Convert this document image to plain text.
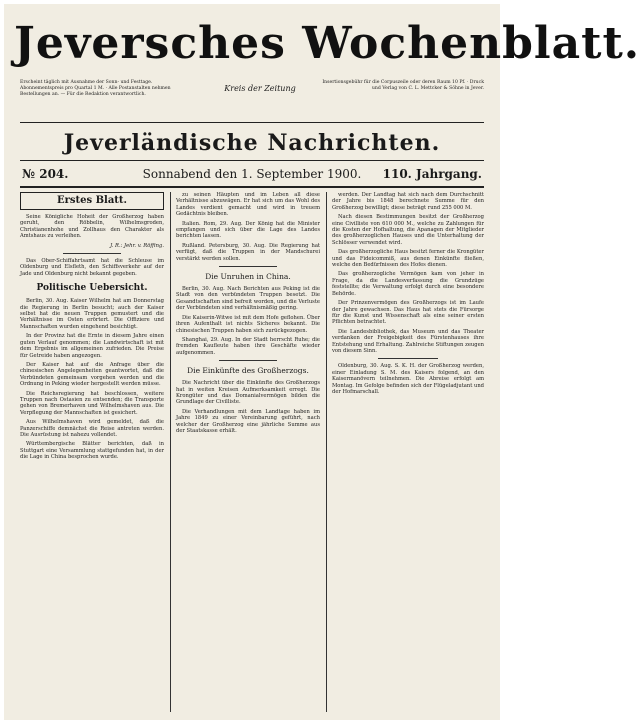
Jeversches Wochenblatt.
Erscheint täglich mit Ausnahme der Sonn- und Festtage. Abonnementspreis pro Quartal 1 M. · Alle Postanstalten nehmen Bestellungen an. — Für die Redaktion verantwortlich.
Kreis der Zeitung
Insertionsgebühr für die Corpuszeile oder deren Raum 10 Pf. · Druck und Verlag von C. L. Mettcker & Söhne in Jever.
Jeverländische Nachrichten.
№ 204.	Sonnabend den 1. September 1900.	110. Jahrgang.
Erstes Blatt.

Seine Königliche Hoheit der Großherzog haben geruht, den Röbbelin, Wilhelmsgroden, Christianenhohe und Zollhaus den Charakter als Amtshaus zu verleihen.

J. R.: Jehr. v. Röffing.

Das Ober-Schiffahrtsamt hat die Schleuse im Oldenburg und Elsfleth, den Schiffsverkehr auf der Jade und Oldenburg nicht bekannt gegeben.

Politische Uebersicht.

Berlin, 30. Aug. Kaiser Wilhelm hat am Donnerstag die Regierung in Berlin besucht; auch der Kaiser selbst hat die neuen Truppen gemustert und die Verhältnisse im Osten erörtert. Die Offiziere und Mannschaften wurden eingehend besichtigt.

In der Provinz hat die Ernte in diesem Jahre einen guten Verlauf genommen; die Landwirtschaft ist mit dem Ergebnis im allgemeinen zufrieden. Die Preise für Getreide haben angezogen.

Der Kaiser hat auf die Anfrage über die chinesischen Angelegenheiten geantwortet, daß die Verbündeten gemeinsam vorgehen werden und die Ordnung in Peking wieder hergestellt werden müsse.

Die Reichsregierung hat beschlossen, weitere Truppen nach Ostasien zu entsenden; die Transporte gehen von Bremerhaven und Wilhelmshaven aus. Die Verpflegung der Mannschaften ist gesichert.

Aus Wilhelmshaven wird gemeldet, daß die Panzerschiffe demnächst die Reise antreten werden. Die Ausrüstung ist nahezu vollendet.

Württembergische Blätter berichten, daß in Stuttgart eine Versammlung stattgefunden hat, in der die Lage in China besprochen wurde.

zu seinen Häupten und im Leben all diese Verhältnisse abzuwägen. Er hat sich um das Wohl des Landes verdient gemacht und wird in treuem Gedächtnis bleiben.

Italien. Rom, 29. Aug. Der König hat die Minister empfangen und sich über die Lage des Landes berichten lassen.

Rußland. Petersburg, 30. Aug. Die Regierung hat verfügt, daß die Truppen in der Mandschurei verstärkt werden sollen.

Die Unruhen in China.

Berlin, 30. Aug. Nach Berichten aus Peking ist die Stadt von den verbündeten Truppen besetzt. Die Gesandtschaften sind befreit worden, und die Verluste der Verbündeten sind verhältnismäßig gering.

Die Kaiserin-Witwe ist mit dem Hofe geflohen. Über ihren Aufenthalt ist nichts Sicheres bekannt. Die chinesischen Truppen haben sich zurückgezogen.

Shanghai, 29. Aug. In der Stadt herrscht Ruhe; die fremden Kaufleute haben ihre Geschäfte wieder aufgenommen.

Die Einkünfte des Großherzogs.

Die Nachricht über die Einkünfte des Großherzogs hat in weiten Kreisen Aufmerksamkeit erregt. Die Krongüter und das Domanialvermögen bilden die Grundlage der Civilliste.

Die Verhandlungen mit dem Landtage haben im Jahre 1849 zu einer Vereinbarung geführt, nach welcher der Großherzog eine jährliche Summe aus der Staatskasse erhält.

werden. Der Landtag hat sich nach dem Durchschnitt der Jahre bis 1848 berechnete Summe für den Großherzog bewilligt; diese beträgt rund 255 000 M.

Nach diesen Bestimmungen besitzt der Großherzog eine Civilliste von 610 000 M., welche zu Zahlungen für die Kosten der Hofhaltung, die Apanagen der Mitglieder des großherzoglichen Hauses und die Unterhaltung der Schlösser verwendet wird.

Das großherzogliche Haus besitzt ferner die Krongüter und das Fideicommiß, aus denen Einkünfte fließen, welche den Bedürfnissen des Hofes dienen.

Das großherzogliche Vermögen kam von jeher in Frage, da die Landesverfassung die Grundzüge feststellte; die Verwaltung erfolgt durch eine besondere Behörde.

Der Prinzenvermögen des Großherzogs ist im Laufe der Jahre gewachsen. Das Haus hat stets die Fürsorge für die Kunst und Wissenschaft als eine seiner ersten Pflichten betrachtet.

Die Landesbibliothek, das Museum und das Theater verdanken der Freigebigkeit des Fürstenhauses ihre Entstehung und Erhaltung. Zahlreiche Stiftungen zeugen von diesem Sinn.

Oldenburg, 30. Aug. S. K. H. der Großherzog werden, einer Einladung S. M. des Kaisers folgend, an den Kaisermanövern teilnehmen. Die Abreise erfolgt am Montag. Im Gefolge befinden sich der Flügeladjutant und der Hofmarschall.
